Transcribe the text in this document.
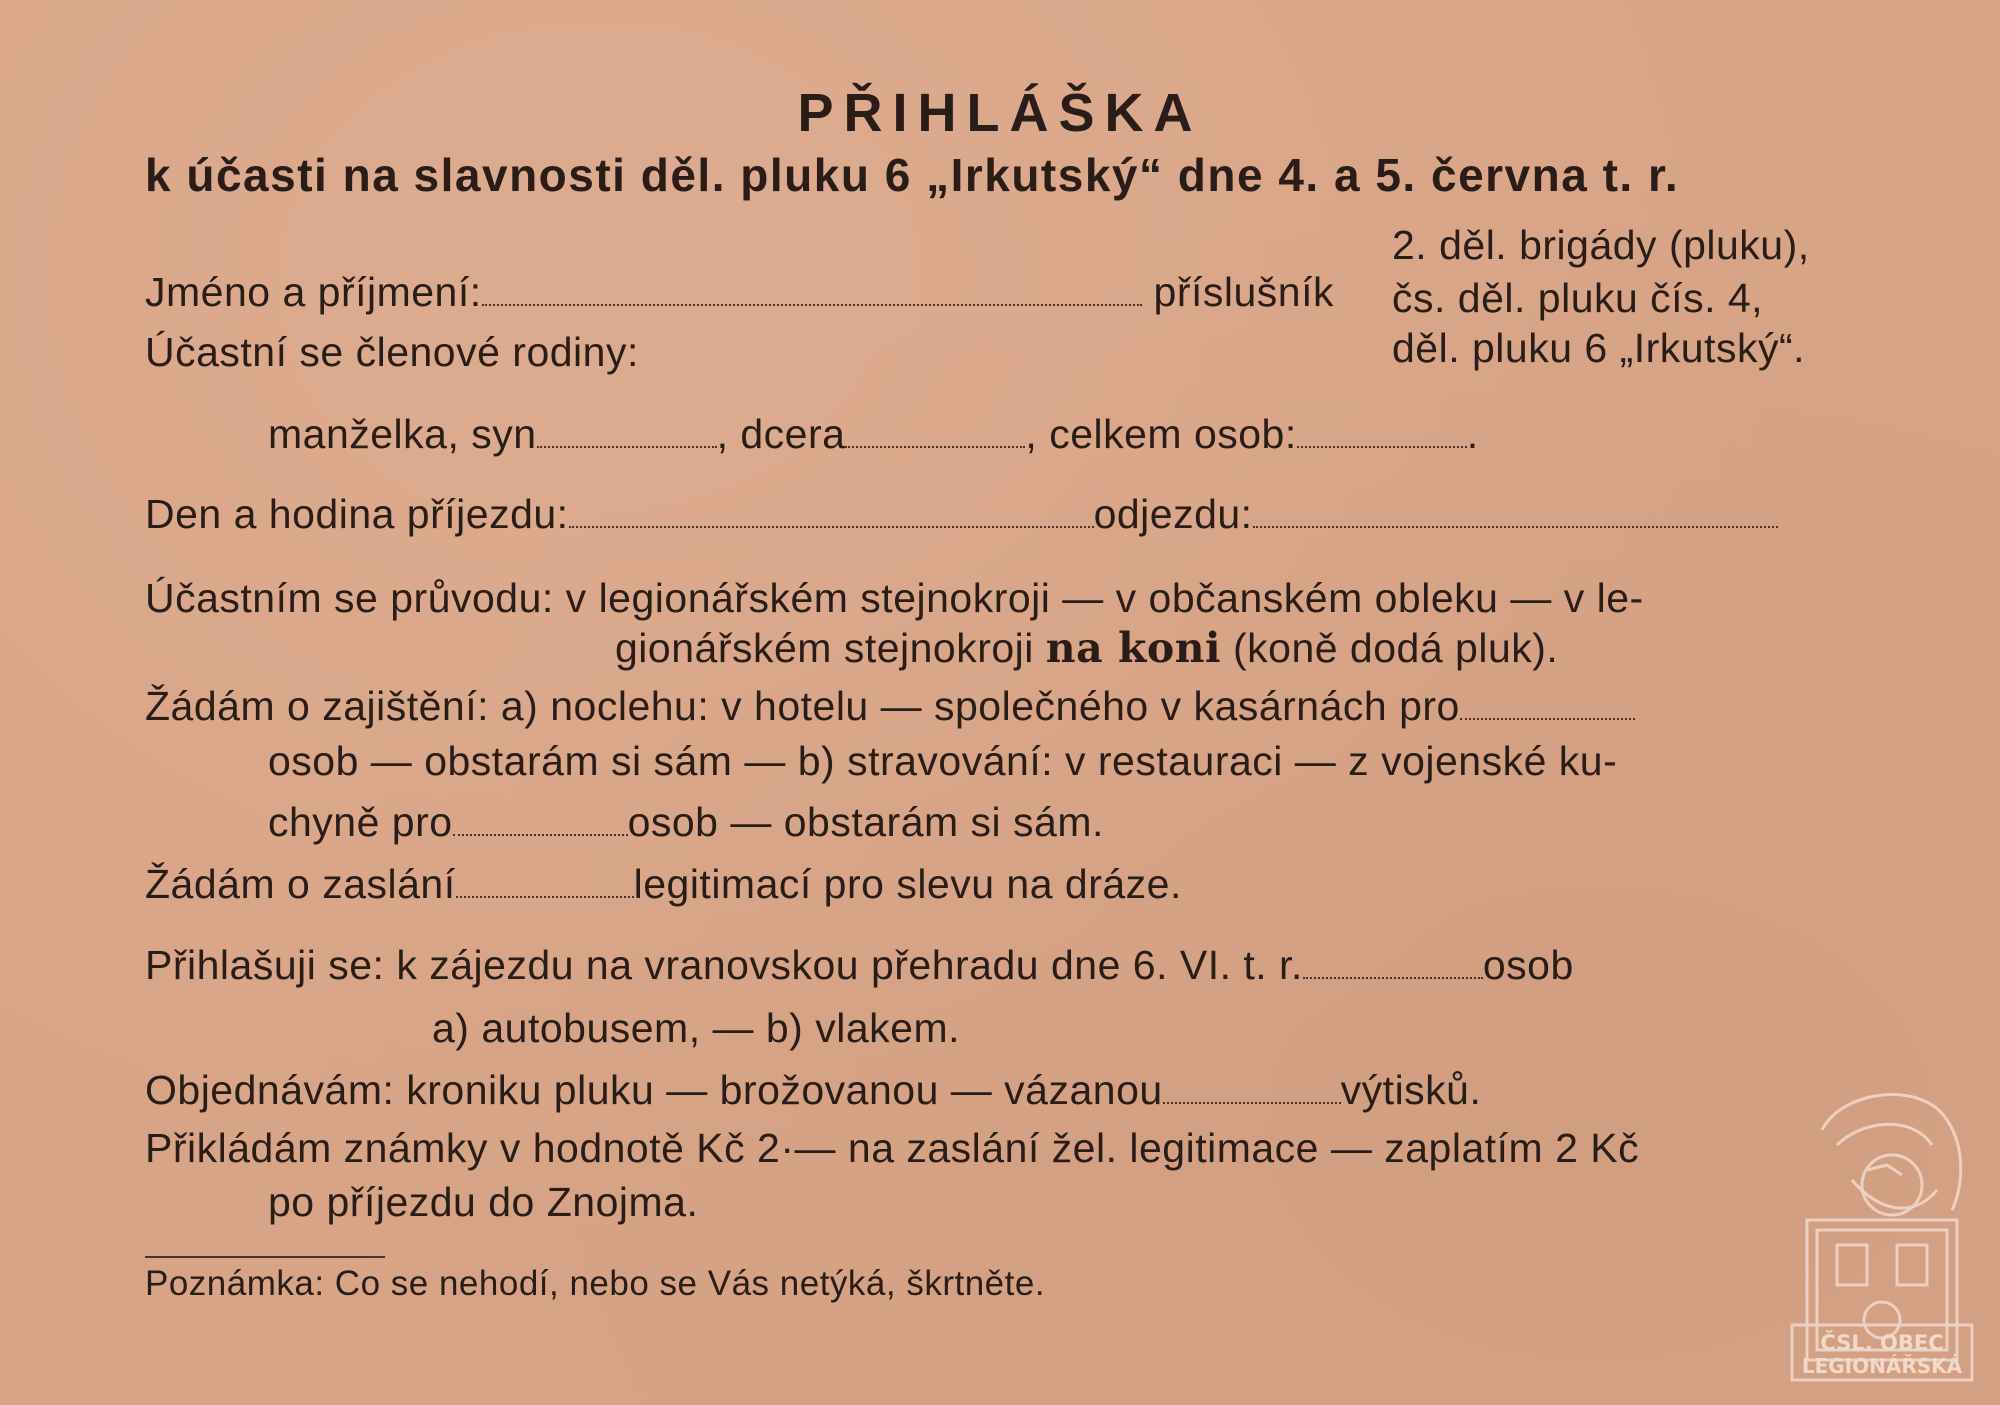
PŘIHLÁŠKA
k účasti na slavnosti děl. pluku 6 „Irkutský“ dne 4. a 5. června t. r.
2. děl. brigády (pluku),
čs. děl. pluku čís. 4,
děl. pluku 6 „Irkutský“.
Jméno a příjmení:	příslušník
Účastní se členové rodiny:
manželka, syn	, dcera	, celkem osob:	.
Den a hodina příjezdu:	odjezdu:
Účastním se průvodu: v legionářském stejnokroji — v občanském obleku — v le-
gionářském stejnokroji na koni (koně dodá pluk).
Žádám o zajištění: a) noclehu: v hotelu — společného v kasárnách pro
osob — obstarám si sám — b) stravování: v restauraci — z vojenské ku-
chyně pro	osob — obstarám si sám.
Žádám o zaslání	legitimací pro slevu na dráze.
Přihlašuji se: k zájezdu na vranovskou přehradu dne 6. VI. t. r.	osob
a) autobusem, — b) vlakem.
Objednávám: kroniku pluku — brožovanou — vázanou	výtisků.
Přikládám známky v hodnotě Kč 2·— na zaslání žel. legitimace — zaplatím 2 Kč
po příjezdu do Znojma.
Poznámka: Co se nehodí, nebo se Vás netýká, škrtněte.
ČSL. OBEC
LEGIONÁŘSKÁ
